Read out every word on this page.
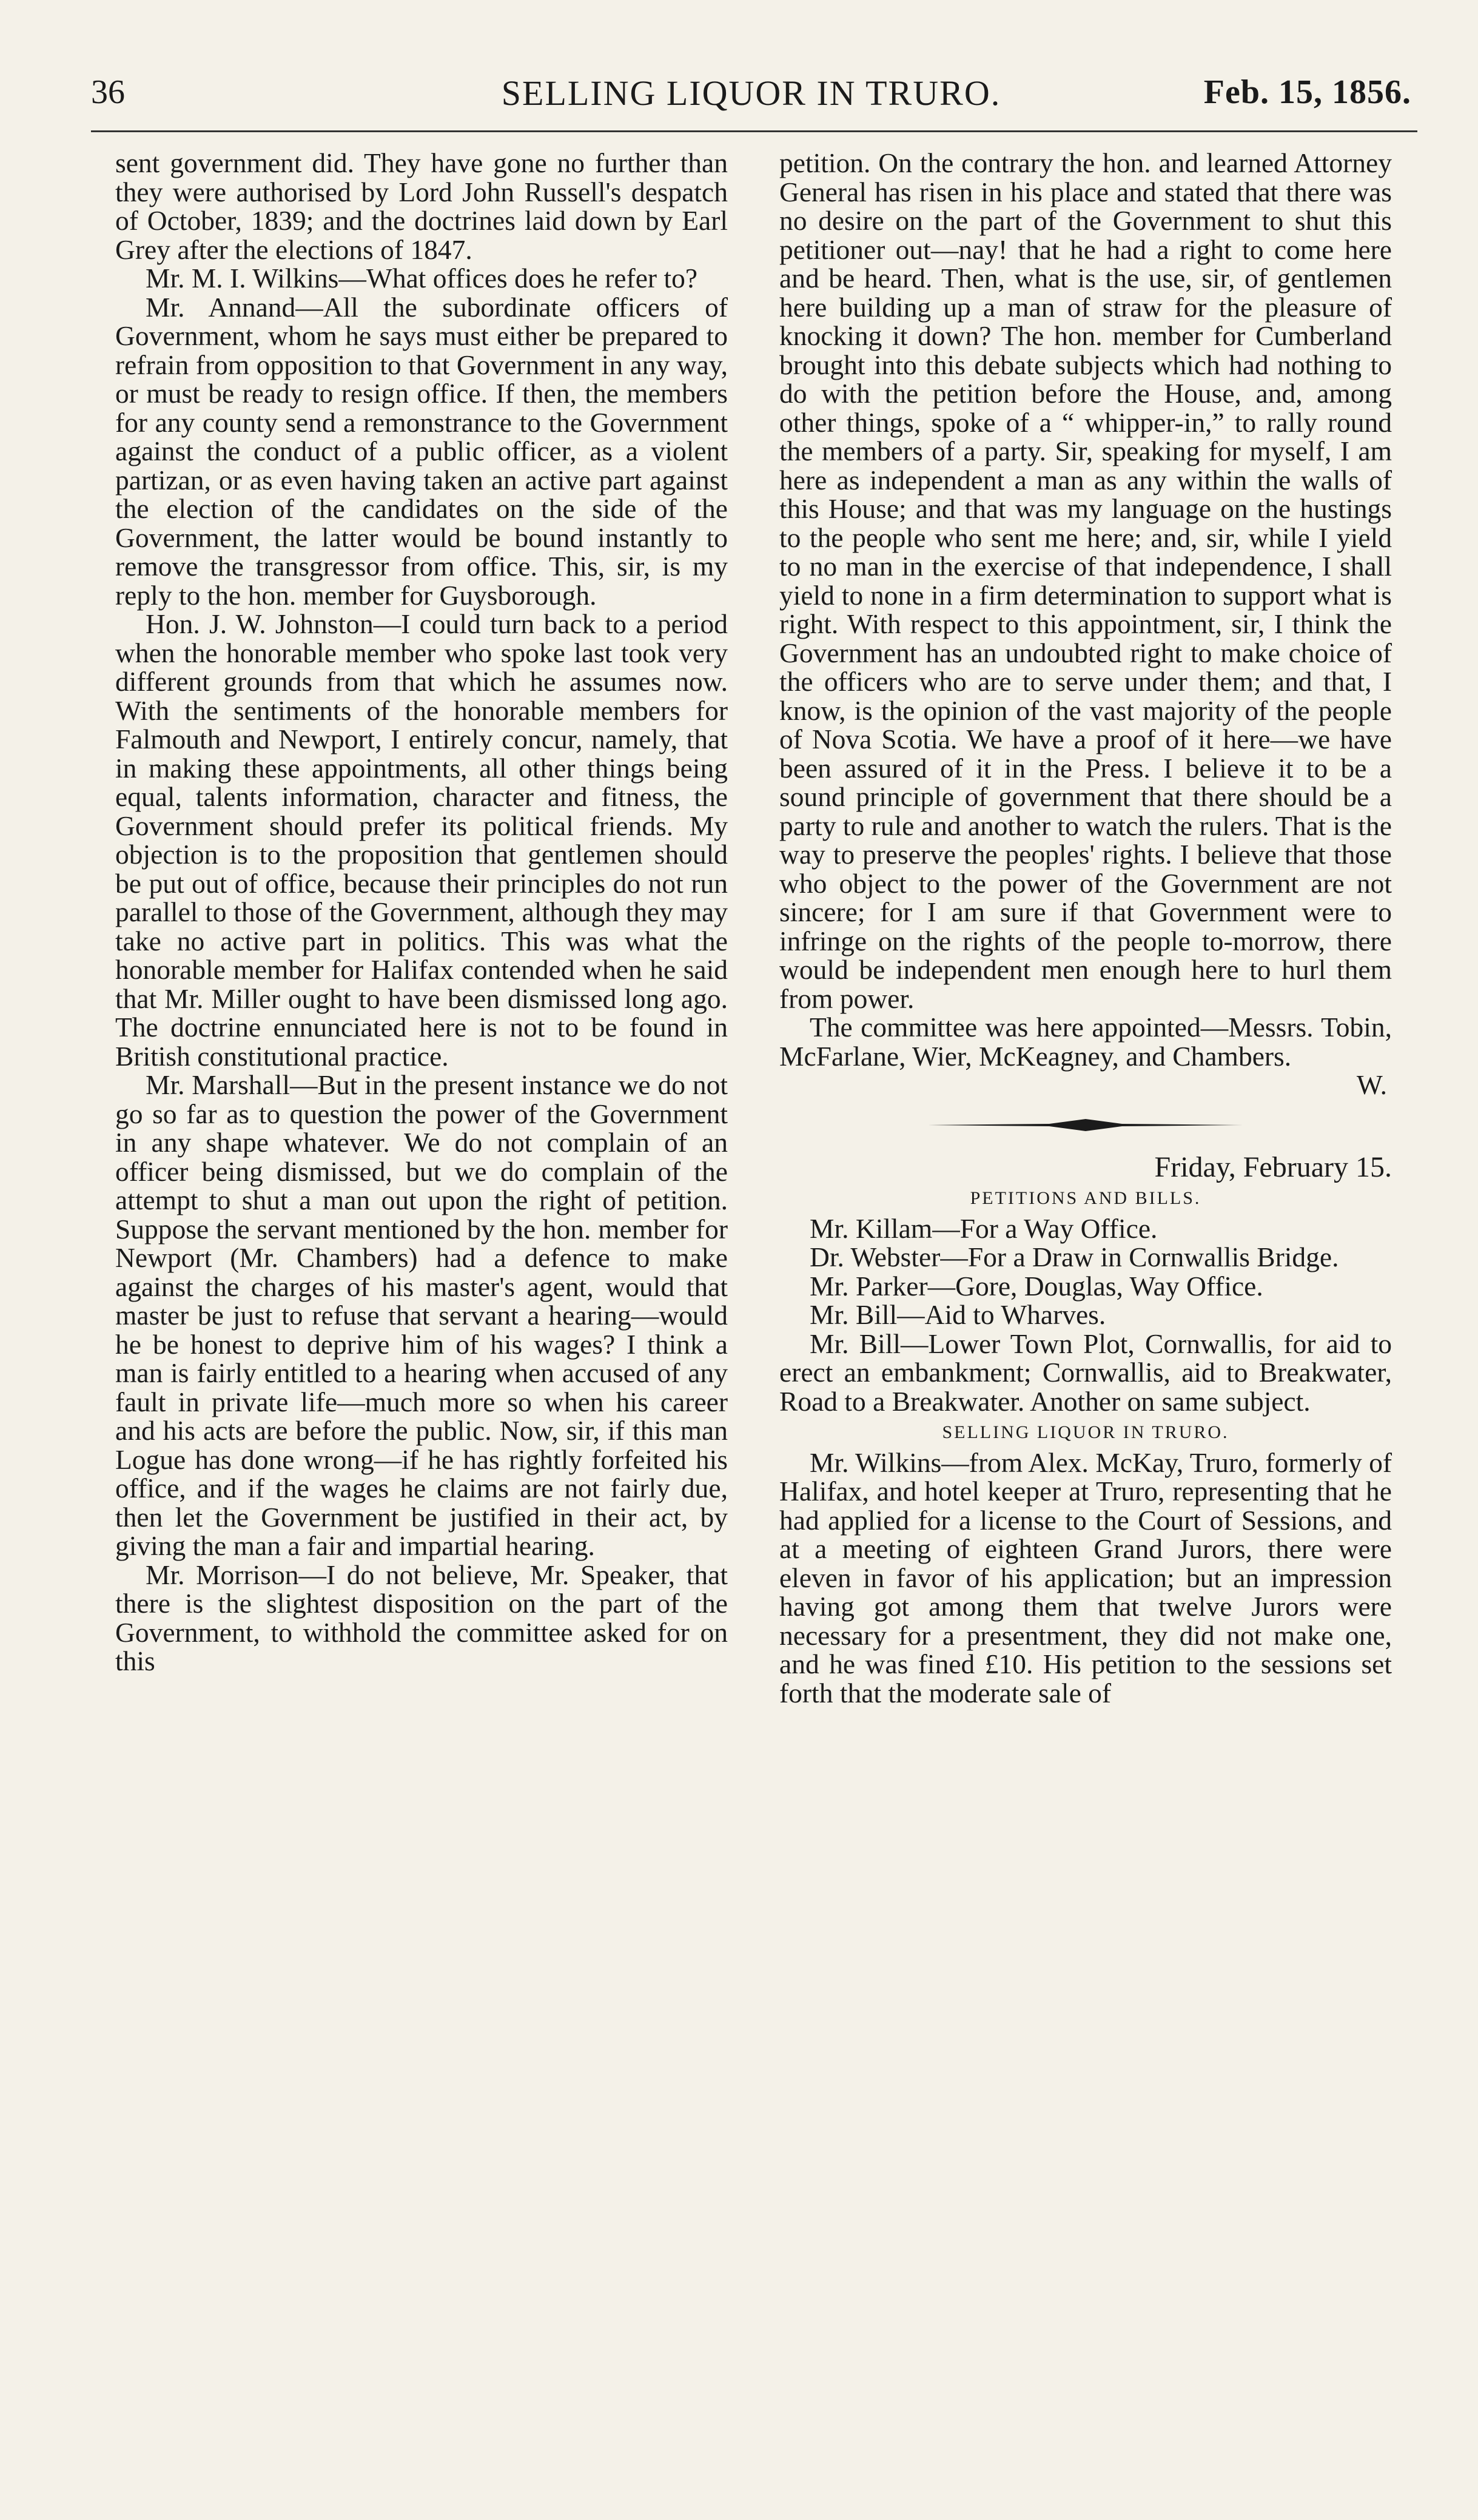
36	SELLING LIQUOR IN TRURO.	Feb. 15, 1856.

sent government did. They have gone no further than they were authorised by Lord John Russell's despatch of October, 1839; and the doctrines laid down by Earl Grey after the elections of 1847.

Mr. M. I. Wilkins—What offices does he refer to?

Mr. Annand—All the subordinate officers of Government, whom he says must either be prepared to refrain from opposition to that Government in any way, or must be ready to resign office. If then, the members for any county send a remonstrance to the Government against the conduct of a public officer, as a violent partizan, or as even having taken an active part against the election of the candidates on the side of the Government, the latter would be bound instantly to remove the transgressor from office. This, sir, is my reply to the hon. member for Guysborough.

Hon. J. W. Johnston—I could turn back to a period when the honorable member who spoke last took very different grounds from that which he assumes now. With the sentiments of the honorable members for Falmouth and Newport, I entirely concur, namely, that in making these appointments, all other things being equal, talents information, character and fitness, the Government should prefer its political friends. My objection is to the proposition that gentlemen should be put out of office, because their principles do not run parallel to those of the Government, although they may take no active part in politics. This was what the honorable member for Halifax contended when he said that Mr. Miller ought to have been dismissed long ago. The doctrine ennunciated here is not to be found in British constitutional practice.

Mr. Marshall—But in the present instance we do not go so far as to question the power of the Government in any shape whatever. We do not complain of an officer being dismissed, but we do complain of the attempt to shut a man out upon the right of petition. Suppose the servant mentioned by the hon. member for Newport (Mr. Chambers) had a defence to make against the charges of his master's agent, would that master be just to refuse that servant a hearing—would he be honest to deprive him of his wages? I think a man is fairly entitled to a hearing when accused of any fault in private life—much more so when his career and his acts are before the public. Now, sir, if this man Logue has done wrong—if he has rightly forfeited his office, and if the wages he claims are not fairly due, then let the Government be justified in their act, by giving the man a fair and impartial hearing.

Mr. Morrison—I do not believe, Mr. Speaker, that there is the slightest disposition on the part of the Government, to withhold the committee asked for on this

petition. On the contrary the hon. and learned Attorney General has risen in his place and stated that there was no desire on the part of the Government to shut this petitioner out—nay! that he had a right to come here and be heard. Then, what is the use, sir, of gentlemen here building up a man of straw for the pleasure of knocking it down? The hon. member for Cumberland brought into this debate subjects which had nothing to do with the petition before the House, and, among other things, spoke of a “ whipper-in,” to rally round the members of a party. Sir, speaking for myself, I am here as independent a man as any within the walls of this House; and that was my language on the hustings to the people who sent me here; and, sir, while I yield to no man in the exercise of that independence, I shall yield to none in a firm determination to support what is right. With respect to this appointment, sir, I think the Government has an undoubted right to make choice of the officers who are to serve under them; and that, I know, is the opinion of the vast majority of the people of Nova Scotia. We have a proof of it here—we have been assured of it in the Press. I believe it to be a sound principle of government that there should be a party to rule and another to watch the rulers. That is the way to preserve the peoples' rights. I believe that those who object to the power of the Government are not sincere; for I am sure if that Government were to infringe on the rights of the people to-morrow, there would be independent men enough here to hurl them from power.

The committee was here appointed—Messrs. Tobin, McFarlane, Wier, McKeagney, and Chambers.

W.

Friday, February 15.

PETITIONS AND BILLS.

Mr. Killam—For a Way Office.

Dr. Webster—For a Draw in Cornwallis Bridge.

Mr. Parker—Gore, Douglas, Way Office.

Mr. Bill—Aid to Wharves.

Mr. Bill—Lower Town Plot, Cornwallis, for aid to erect an embankment; Cornwallis, aid to Breakwater, Road to a Breakwater. Another on same subject.

SELLING LIQUOR IN TRURO.

Mr. Wilkins—from Alex. McKay, Truro, formerly of Halifax, and hotel keeper at Truro, representing that he had applied for a license to the Court of Sessions, and at a meeting of eighteen Grand Jurors, there were eleven in favor of his application; but an impression having got among them that twelve Jurors were necessary for a presentment, they did not make one, and he was fined £10. His petition to the sessions set forth that the moderate sale of
